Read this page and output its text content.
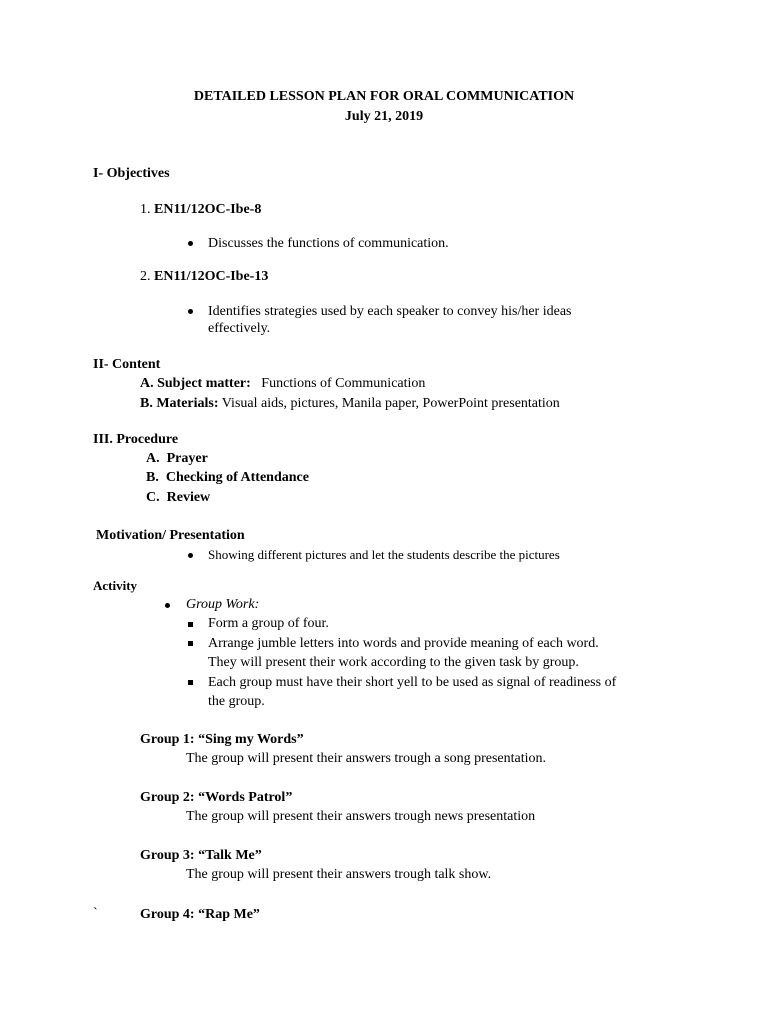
DETAILED LESSON PLAN FOR ORAL COMMUNICATION
July 21, 2019
I- Objectives
1. EN11/12OC-Ibe-8
Discusses the functions of communication.
2. EN11/12OC-Ibe-13
Identifies strategies used by each speaker to convey his/her ideas
effectively.
II- Content
A. Subject matter: Functions of Communication
B. Materials: Visual aids, pictures, Manila paper, PowerPoint presentation
III. Procedure
A. Prayer
B. Checking of Attendance
C. Review
Motivation/ Presentation
Showing different pictures and let the students describe the pictures
Activity
Group Work:
Form a group of four.
Arrange jumble letters into words and provide meaning of each word.
They will present their work according to the given task by group.
Each group must have their short yell to be used as signal of readiness of
the group.
Group 1: “Sing my Words”
The group will present their answers trough a song presentation.
Group 2: “Words Patrol”
The group will present their answers trough news presentation
Group 3: “Talk Me”
The group will present their answers trough talk show.
`	Group 4: “Rap Me”
